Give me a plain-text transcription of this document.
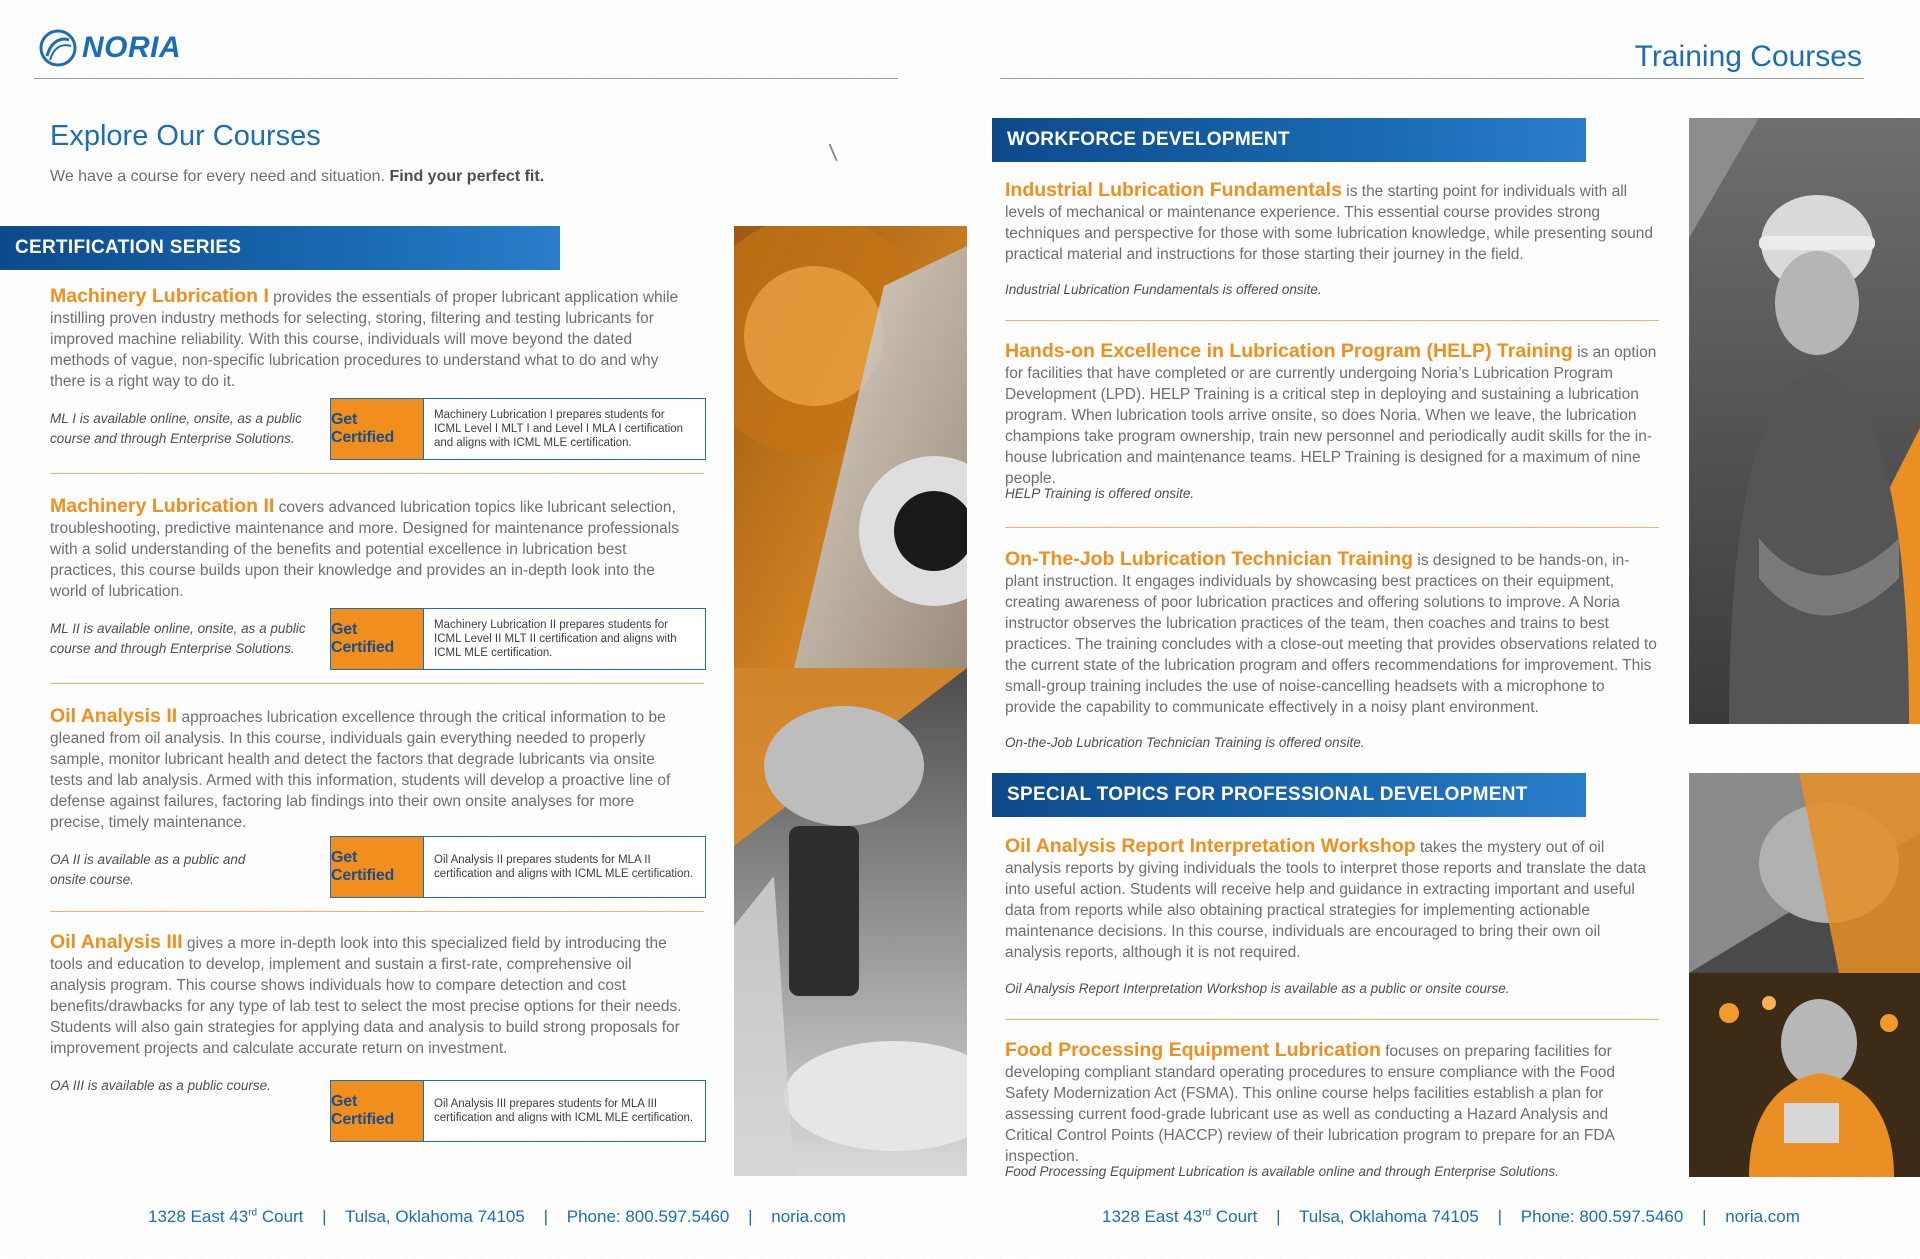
NORIA	Training Courses
Explore Our Courses
We have a course for every need and situation. Find your perfect fit.
\
CERTIFICATION SERIES
Machinery Lubrication I provides the essentials of proper lubricant application while instilling proven industry methods for selecting, storing, filtering and testing lubricants for improved machine reliability. With this course, individuals will move beyond the dated methods of vague, non-specific lubrication procedures to understand what to do and why there is a right way to do it.
ML I is available online, onsite, as a public course and through Enterprise Solutions.
Get Certified
Machinery Lubrication I prepares students for ICML Level I MLT I and Level I MLA I certification and aligns with ICML MLE certification.
Machinery Lubrication II covers advanced lubrication topics like lubricant selection, troubleshooting, predictive maintenance and more. Designed for maintenance professionals with a solid understanding of the benefits and potential excellence in lubrication best practices, this course builds upon their knowledge and provides an in-depth look into the world of lubrication.
ML II is available online, onsite, as a public course and through Enterprise Solutions.
Get Certified
Machinery Lubrication II prepares students for ICML Level II MLT II certification and aligns with ICML MLE certification.
Oil Analysis II approaches lubrication excellence through the critical information to be gleaned from oil analysis. In this course, individuals gain everything needed to properly sample, monitor lubricant health and detect the factors that degrade lubricants via onsite tests and lab analysis. Armed with this information, students will develop a proactive line of defense against failures, factoring lab findings into their own onsite analyses for more precise, timely maintenance.
OA II is available as a public and onsite course.
Get Certified
Oil Analysis II prepares students for MLA II certification and aligns with ICML MLE certification.
Oil Analysis III gives a more in-depth look into this specialized field by introducing the tools and education to develop, implement and sustain a first-rate, comprehensive oil analysis program. This course shows individuals how to compare detection and cost benefits/drawbacks for any type of lab test to select the most precise options for their needs. Students will also gain strategies for applying data and analysis to build strong proposals for improvement projects and calculate accurate return on investment.
OA III is available as a public course.
Get Certified
Oil Analysis III prepares students for MLA III certification and aligns with ICML MLE certification.
WORKFORCE DEVELOPMENT
Industrial Lubrication Fundamentals is the starting point for individuals with all levels of mechanical or maintenance experience. This essential course provides strong techniques and perspective for those with some lubrication knowledge, while presenting sound practical material and instructions for those starting their journey in the field.
Industrial Lubrication Fundamentals is offered onsite.
Hands-on Excellence in Lubrication Program (HELP) Training is an option for facilities that have completed or are currently undergoing Noria’s Lubrication Program Development (LPD). HELP Training is a critical step in deploying and sustaining a lubrication program. When lubrication tools arrive onsite, so does Noria. When we leave, the lubrication champions take program ownership, train new personnel and periodically audit skills for the in-house lubrication and maintenance teams. HELP Training is designed for a maximum of nine people.
HELP Training is offered onsite.
On-The-Job Lubrication Technician Training is designed to be hands-on, in-plant instruction. It engages individuals by showcasing best practices on their equipment, creating awareness of poor lubrication practices and offering solutions to improve. A Noria instructor observes the lubrication practices of the team, then coaches and trains to best practices. The training concludes with a close-out meeting that provides observations related to the current state of the lubrication program and offers recommendations for improvement. This small-group training includes the use of noise-cancelling headsets with a microphone to provide the capability to communicate effectively in a noisy plant environment.
On-the-Job Lubrication Technician Training is offered onsite.
SPECIAL TOPICS FOR PROFESSIONAL DEVELOPMENT
Oil Analysis Report Interpretation Workshop takes the mystery out of oil analysis reports by giving individuals the tools to interpret those reports and translate the data into useful action. Students will receive help and guidance in extracting important and useful data from reports while also obtaining practical strategies for implementing actionable maintenance decisions. In this course, individuals are encouraged to bring their own oil analysis reports, although it is not required.
Oil Analysis Report Interpretation Workshop is available as a public or onsite course.
Food Processing Equipment Lubrication focuses on preparing facilities for developing compliant standard operating procedures to ensure compliance with the Food Safety Modernization Act (FSMA). This online course helps facilities establish a plan for assessing current food-grade lubricant use as well as conducting a Hazard Analysis and Critical Control Points (HACCP) review of their lubrication program to prepare for an FDA inspection.
Food Processing Equipment Lubrication is available online and through Enterprise Solutions.
1328 East 43rd Court | Tulsa, Oklahoma 74105 | Phone: 800.597.5460 | noria.com	1328 East 43rd Court | Tulsa, Oklahoma 74105 | Phone: 800.597.5460 | noria.com
